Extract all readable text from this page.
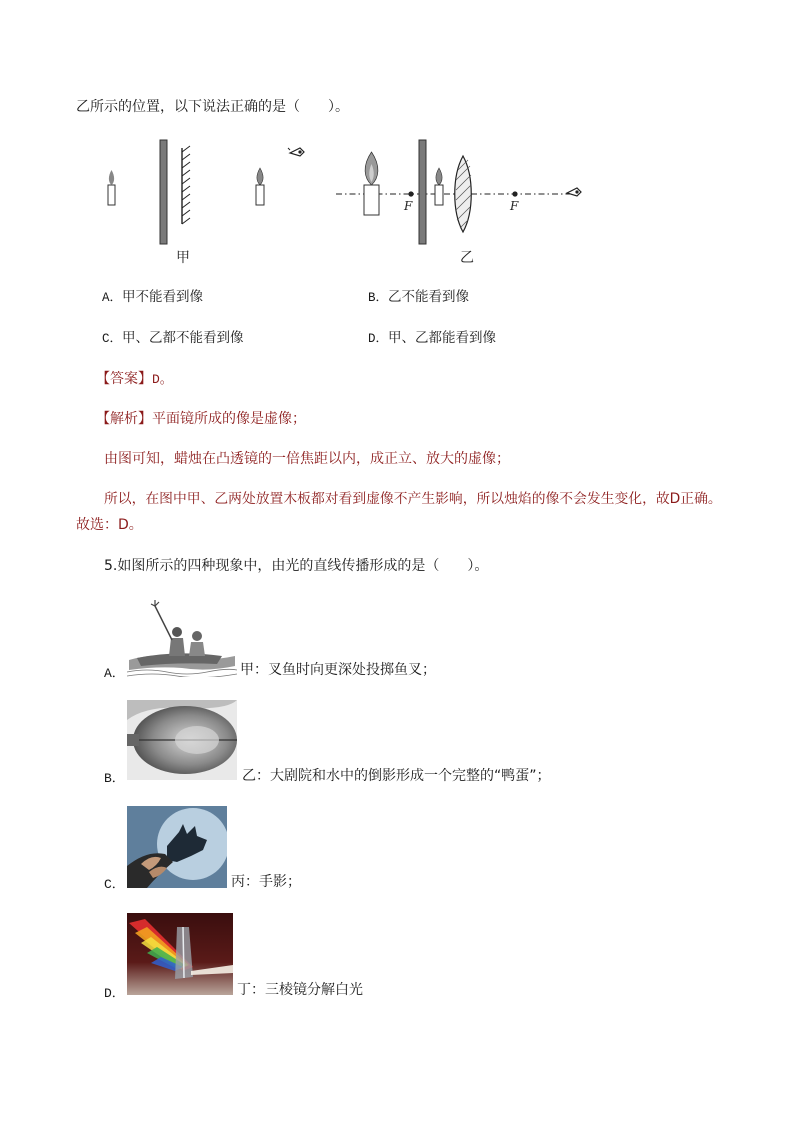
乙所示的位置，以下说法正确的是（　　）。
甲	乙
F	F
A．甲不能看到像	B．乙不能看到像
C．甲、乙都不能看到像	D．甲、乙都能看到像
【答案】D。
【解析】平面镜所成的像是虚像；
由图可知，蜡烛在凸透镜的一倍焦距以内，成正立、放大的虚像；
所以，在图中甲、乙两处放置木板都对看到虚像不产生影响，所以烛焰的像不会发生变化，故D正确。
故选：D。
5.如图所示的四种现象中，由光的直线传播形成的是（　　）。
A．	甲：叉鱼时向更深处投掷鱼叉；
B．	乙：大剧院和水中的倒影形成一个完整的“鸭蛋”；
C．	丙：手影；
D．	丁：三棱镜分解白光
